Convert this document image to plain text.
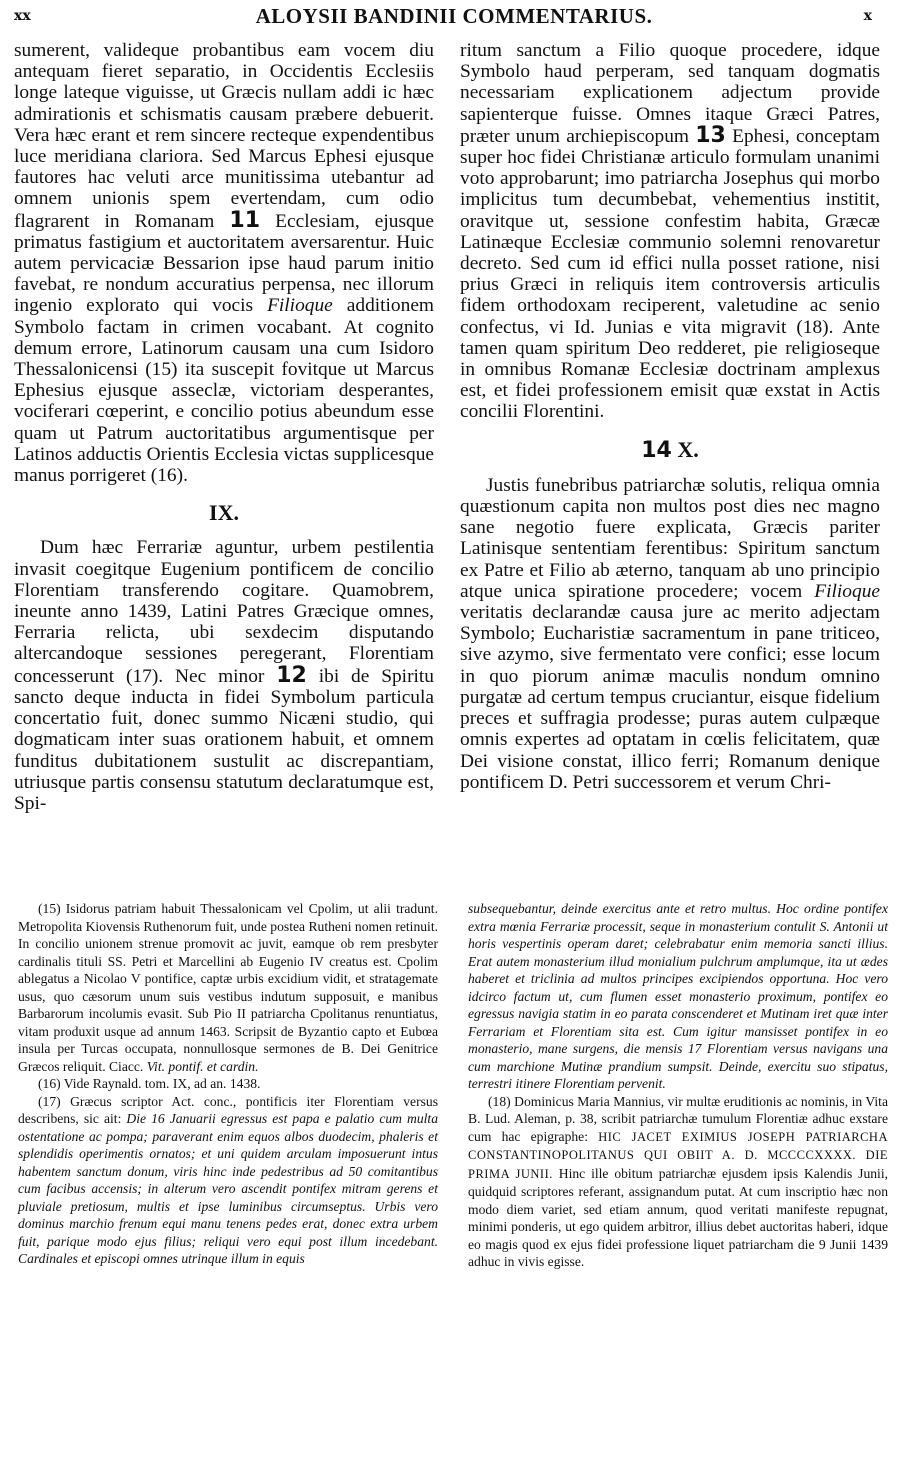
xx	ALOYSII BANDINII COMMENTARIUS.	x

sumerent, valideque probantibus eam vocem diu antequam fieret separatio, in Occidentis Ecclesiis longe lateque viguisse, ut Græcis nullam addi ic hæc admirationis et schismatis causam præbere debuerit. Vera hæc erant et rem sincere recteque expendentibus luce meridiana clariora. Sed Marcus Ephesi ejusque fautores hac veluti arce munitissima utebantur ad omnem unionis spem evertendam, cum odio flagrarent in Romanam 11 Ecclesiam, ejusque primatus fastigium et auctoritatem aversarentur. Huic autem pervicaciæ Bessarion ipse haud parum initio favebat, re nondum accuratius perpensa, nec illorum ingenio explorato qui vocis Filioque additionem Symbolo factam in crimen vocabant. At cognito demum errore, Latinorum causam una cum Isidoro Thessalonicensi (15) ita suscepit fovitque ut Marcus Ephesius ejusque asseclæ, victoriam desperantes, vociferari cœperint, e concilio potius abeundum esse quam ut Patrum auctoritatibus argumentisque per Latinos adductis Orientis Ecclesia victas supplicesque manus porrigeret (16).

IX.

Dum hæc Ferrariæ aguntur, urbem pestilentia invasit coegitque Eugenium pontificem de concilio Florentiam transferendo cogitare. Quamobrem, ineunte anno 1439, Latini Patres Græcique omnes, Ferraria relicta, ubi sexdecim disputando altercandoque sessiones peregerant, Florentiam concesserunt (17). Nec minor 12 ibi de Spiritu sancto deque inducta in fidei Symbolum particula concertatio fuit, donec summo Nicæni studio, qui dogmaticam inter suas orationem habuit, et omnem funditus dubitationem sustulit ac discrepantiam, utriusque partis consensu statutum declaratumque est, Spi-

ritum sanctum a Filio quoque procedere, idque Symbolo haud perperam, sed tanquam dogmatis necessariam explicationem adjectum provide sapienterque fuisse. Omnes itaque Græci Patres, præter unum archiepiscopum 13 Ephesi, conceptam super hoc fidei Christianæ articulo formulam unanimi voto approbarunt; imo patriarcha Josephus qui morbo implicitus tum decumbebat, vehementius institit, oravitque ut, sessione confestim habita, Græcæ Latinæque Ecclesiæ communio solemni renovaretur decreto. Sed cum id effici nulla posset ratione, nisi prius Græci in reliquis item controversis articulis fidem orthodoxam reciperent, valetudine ac senio confectus, vi Id. Junias e vita migravit (18). Ante tamen quam spiritum Deo redderet, pie religioseque in omnibus Romanæ Ecclesiæ doctrinam amplexus est, et fidei professionem emisit quæ exstat in Actis concilii Florentini.

14 X.

Justis funebribus patriarchæ solutis, reliqua omnia quæstionum capita non multos post dies nec magno sane negotio fuere explicata, Græcis pariter Latinisque sententiam ferentibus: Spiritum sanctum ex Patre et Filio ab æterno, tanquam ab uno principio atque unica spiratione procedere; vocem Filioque veritatis declarandæ causa jure ac merito adjectam Symbolo; Eucharistiæ sacramentum in pane triticeo, sive azymo, sive fermentato vere confici; esse locum in quo piorum animæ maculis nondum omnino purgatæ ad certum tempus cruciantur, eisque fidelium preces et suffragia prodesse; puras autem culpæque omnis expertes ad optatam in cœlis felicitatem, quæ Dei visione constat, illico ferri; Romanum denique pontificem D. Petri successorem et verum Chri-

(15) Isidorus patriam habuit Thessalonicam vel Cpolim, ut alii tradunt. Metropolita Kiovensis Ruthenorum fuit, unde postea Rutheni nomen retinuit. In concilio unionem strenue promovit ac juvit, eamque ob rem presbyter cardinalis tituli SS. Petri et Marcellini ab Eugenio IV creatus est. Cpolim ablegatus a Nicolao V pontifice, captæ urbis excidium vidit, et stratagemate usus, quo cæsorum unum suis vestibus indutum supposuit, e manibus Barbarorum incolumis evasit. Sub Pio II patriarcha Cpolitanus renuntiatus, vitam produxit usque ad annum 1463. Scripsit de Byzantio capto et Eubœa insula per Turcas occupata, nonnullosque sermones de B. Dei Genitrice Græcos reliquit. Ciacc. Vit. pontif. et cardin.

(16) Vide Raynald. tom. IX, ad an. 1438.

(17) Græcus scriptor Act. conc., pontificis iter Florentiam versus describens, sic ait: Die 16 Januarii egressus est papa e palatio cum multa ostentatione ac pompa; paraverant enim equos albos duodecim, phaleris et splendidis operimentis ornatos; et uni quidem arculam imposuerunt intus habentem sanctum donum, viris hinc inde pedestribus ad 50 comitantibus cum facibus accensis; in alterum vero ascendit pontifex mitram gerens et pluviale pretiosum, multis et ipse luminibus circumseptus. Urbis vero dominus marchio frenum equi manu tenens pedes erat, donec extra urbem fuit, parique modo ejus filius; reliqui vero equi post illum incedebant. Cardinales et episcopi omnes utrinque illum in equis

subsequebantur, deinde exercitus ante et retro multus. Hoc ordine pontifex extra mœnia Ferrariæ processit, seque in monasterium contulit S. Antonii ut horis vespertinis operam daret; celebrabatur enim memoria sancti illius. Erat autem monasterium illud monialium pulchrum amplumque, ita ut ædes haberet et triclinia ad multos principes excipiendos opportuna. Hoc vero idcirco factum ut, cum flumen esset monasterio proximum, pontifex eo egressus navigia statim in eo parata conscenderet et Mutinam iret quæ inter Ferrariam et Florentiam sita est. Cum igitur mansisset pontifex in eo monasterio, mane surgens, die mensis 17 Florentiam versus navigans una cum marchione Mutinæ prandium sumpsit. Deinde, exercitu suo stipatus, terrestri itinere Florentiam pervenit.

(18) Dominicus Maria Mannius, vir multæ eruditionis ac nominis, in Vita B. Lud. Aleman, p. 38, scribit patriarchæ tumulum Florentiæ adhuc exstare cum hac epigraphe: HIC JACET EXIMIUS JOSEPH PATRIARCHA CONSTANTINOPOLITANUS QUI OBIIT A. D. MCCCCXXXX. DIE PRIMA JUNII. Hinc ille obitum patriarchæ ejusdem ipsis Kalendis Junii, quidquid scriptores referant, assignandum putat. At cum inscriptio hæc non modo diem variet, sed etiam annum, quod veritati manifeste repugnat, minimi ponderis, ut ego quidem arbitror, illius debet auctoritas haberi, idque eo magis quod ex ejus fidei professione liquet patriarcham die 9 Junii 1439 adhuc in vivis egisse.
